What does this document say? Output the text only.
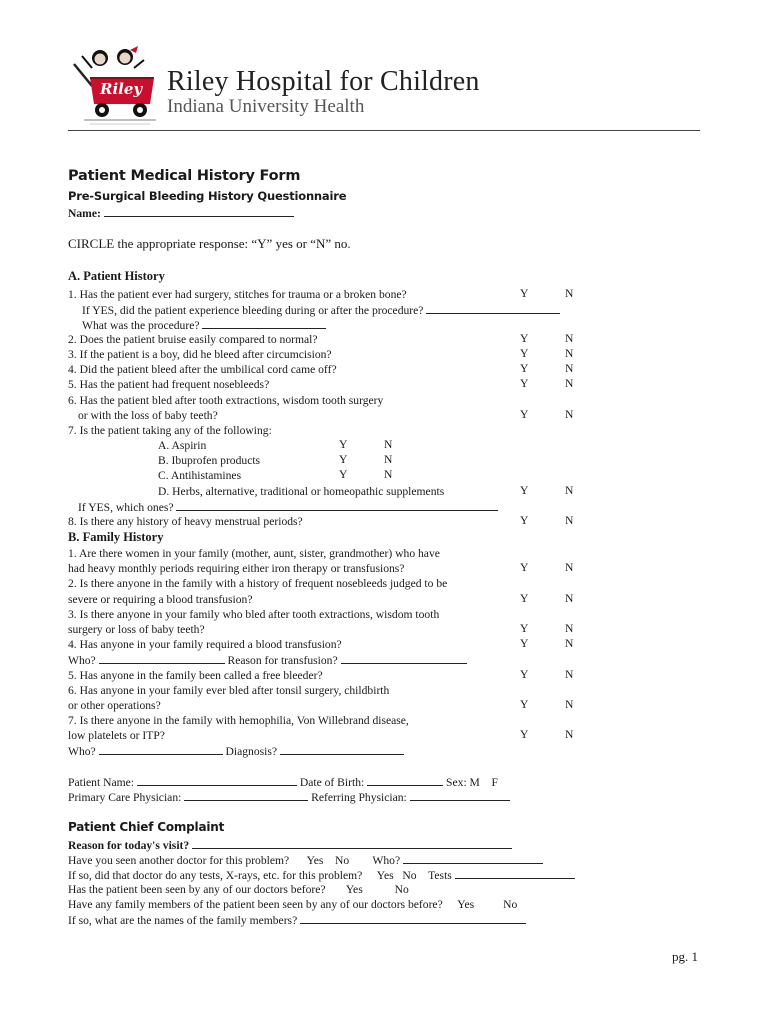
Riley Riley Hospital for Children
Indiana University Health
Patient Medical History Form
Pre-Surgical Bleeding History Questionnaire
Name:
CIRCLE the appropriate response: “Y” yes or “N” no.
A. Patient History
1. Has the patient ever had surgery, stitches for trauma or a broken bone?	Y	N
If YES, did the patient experience bleeding during or after the procedure?
What was the procedure?
2. Does the patient bruise easily compared to normal?	Y	N
3. If the patient is a boy, did he bleed after circumcision?	Y	N
4. Did the patient bleed after the umbilical cord came off?	Y	N
5. Has the patient had frequent nosebleeds?	Y	N
6. Has the patient bled after tooth extractions, wisdom tooth surgery
or with the loss of baby teeth?	Y	N
7. Is the patient taking any of the following:
A. Aspirin	Y	N
B. Ibuprofen products	Y	N
C. Antihistamines	Y	N
D. Herbs, alternative, traditional or homeopathic supplements	Y	N
If YES, which ones?
8. Is there any history of heavy menstrual periods?	Y	N
B. Family History
1. Are there women in your family (mother, aunt, sister, grandmother) who have
had heavy monthly periods requiring either iron therapy or transfusions?	Y	N
2. Is there anyone in the family with a history of frequent nosebleeds judged to be
severe or requiring a blood transfusion?	Y	N
3. Is there anyone in your family who bled after tooth extractions, wisdom tooth
surgery or loss of baby teeth?	Y	N
4. Has anyone in your family required a blood transfusion?	Y	N
Who?	Reason for transfusion?
5. Has anyone in the family been called a free bleeder?	Y	N
6. Has anyone in your family ever bled after tonsil surgery, childbirth
or other operations?	Y	N
7. Is there anyone in the family with hemophilia, Von Willebrand disease,
low platelets or ITP?	Y	N
Who?	Diagnosis?
Patient Name:	Date of Birth:	Sex: M F
Primary Care Physician:	Referring Physician:
Patient Chief Complaint
Reason for today's visit?
Have you seen another doctor for this problem? Yes No Who?
If so, did that doctor do any tests, X-rays, etc. for this problem? Yes No Tests
Has the patient been seen by any of our doctors before? Yes	No
Have any family members of the patient been seen by any of our doctors before? Yes No
If so, what are the names of the family members?
pg. 1
